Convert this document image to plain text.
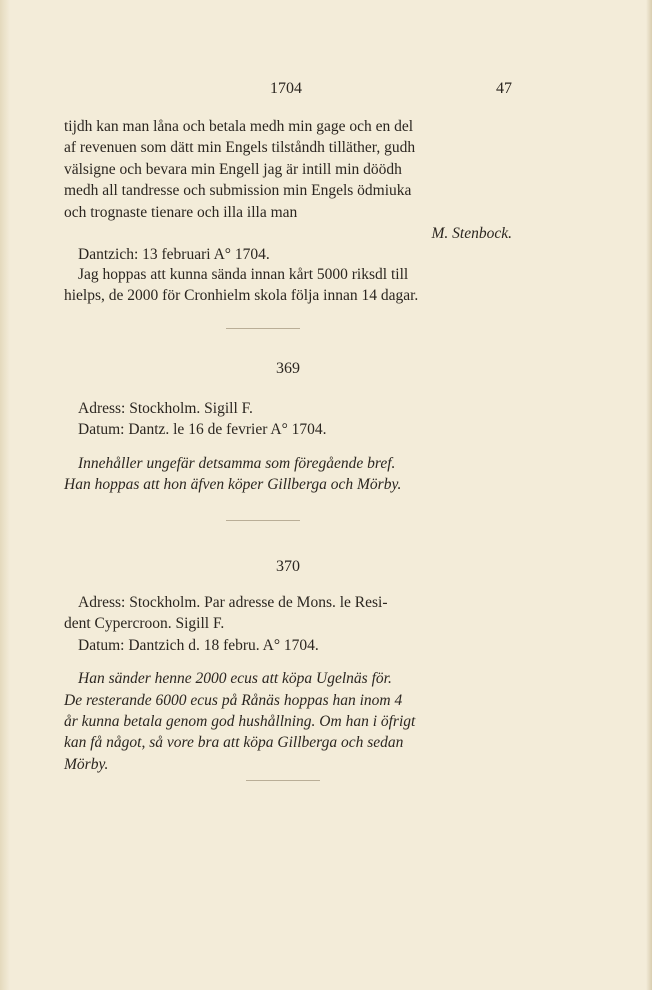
1704	47

tijdh kan man låna och betala medh min gage och en del

af revenuen som dätt min Engels tilståndh tilläther, gudh

välsigne och bevara min Engell jag är intill min döödh

medh all tandresse och submission min Engels ödmiuka

och trognaste tienare och illa illa man

M. Stenbock.

Dantzich: 13 februari A° 1704.

Jag hoppas att kunna sända innan kårt 5000 riksdl till

hielps, de 2000 för Cronhielm skola följa innan 14 dagar.

369

Adress: Stockholm. Sigill F.

Datum: Dantz. le 16 de fevrier A° 1704.

Innehåller ungefär detsamma som föregående bref.

Han hoppas att hon äfven köper Gillberga och Mörby.

370

Adress: Stockholm. Par adresse de Mons. le Resi-

dent Cypercroon. Sigill F.

Datum: Dantzich d. 18 febru. A° 1704.

Han sänder henne 2000 ecus att köpa Ugelnäs för.

De resterande 6000 ecus på Rånäs hoppas han inom 4

år kunna betala genom god hushållning. Om han i öfrigt

kan få något, så vore bra att köpa Gillberga och sedan

Mörby.
